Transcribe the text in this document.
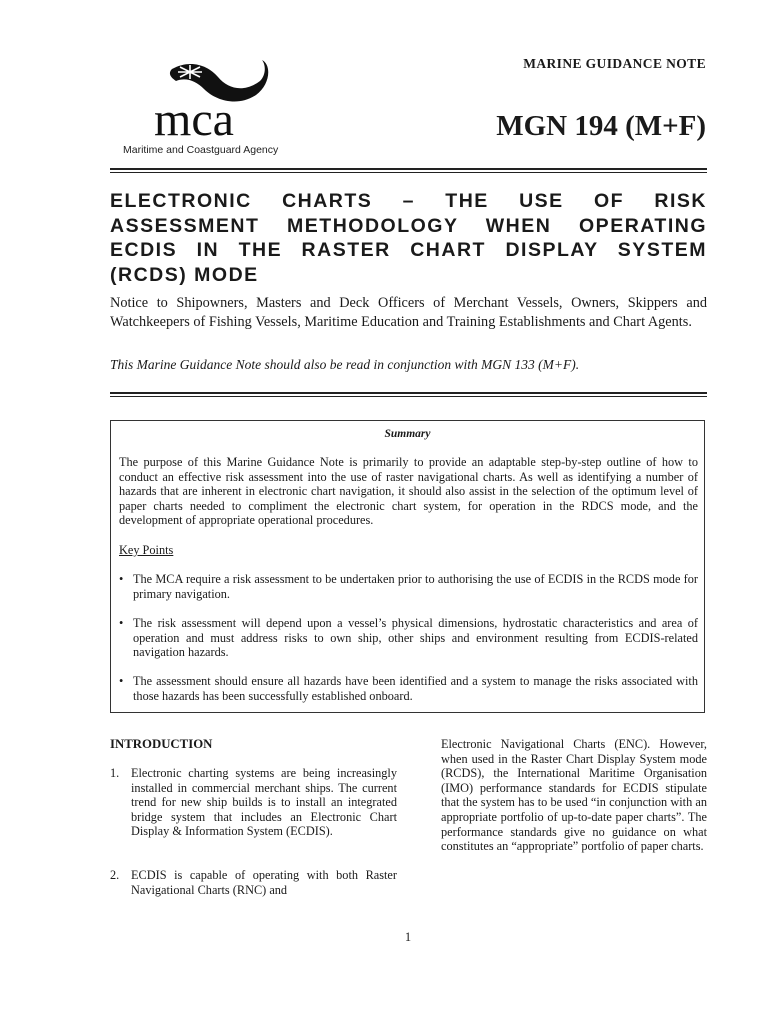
mca
Maritime and Coastguard Agency
MARINE GUIDANCE NOTE
MGN 194 (M+F)
ELECTRONIC CHARTS – THE USE OF RISK ASSESSMENT METHODOLOGY WHEN OPERATING ECDIS IN THE RASTER CHART DISPLAY SYSTEM (RCDS) MODE

Notice to Shipowners, Masters and Deck Officers of Merchant Vessels, Owners, Skippers and Watchkeepers of Fishing Vessels, Maritime Education and Training Establishments and Chart Agents.

This Marine Guidance Note should also be read in conjunction with MGN 133 (M+F).

Summary

The purpose of this Marine Guidance Note is primarily to provide an adaptable step-by-step outline of how to conduct an effective risk assessment into the use of raster navigational charts. As well as identifying a number of hazards that are inherent in electronic chart navigation, it should also assist in the selection of the optimum level of paper charts needed to compliment the electronic chart system, for operation in the RDCS mode, and the development of appropriate operational procedures.

Key Points

• The MCA require a risk assessment to be undertaken prior to authorising the use of ECDIS in the RCDS mode for primary navigation.

• The risk assessment will depend upon a vessel’s physical dimensions, hydrostatic characteristics and area of operation and must address risks to own ship, other ships and environment resulting from ECDIS-related navigation hazards.

• The assessment should ensure all hazards have been identified and a system to manage the risks associated with those hazards has been successfully established onboard.

INTRODUCTION

1. Electronic charting systems are being increasingly installed in commercial merchant ships. The current trend for new ship builds is to install an integrated bridge system that includes an Electronic Chart Display & Information System (ECDIS).

2. ECDIS is capable of operating with both Raster Navigational Charts (RNC) and

Electronic Navigational Charts (ENC). However, when used in the Raster Chart Display System mode (RCDS), the International Maritime Organisation (IMO) performance standards for ECDIS stipulate that the system has to be used “in conjunction with an appropriate portfolio of up-to-date paper charts”. The performance standards give no guidance on what constitutes an “appropriate” portfolio of paper charts.

1
